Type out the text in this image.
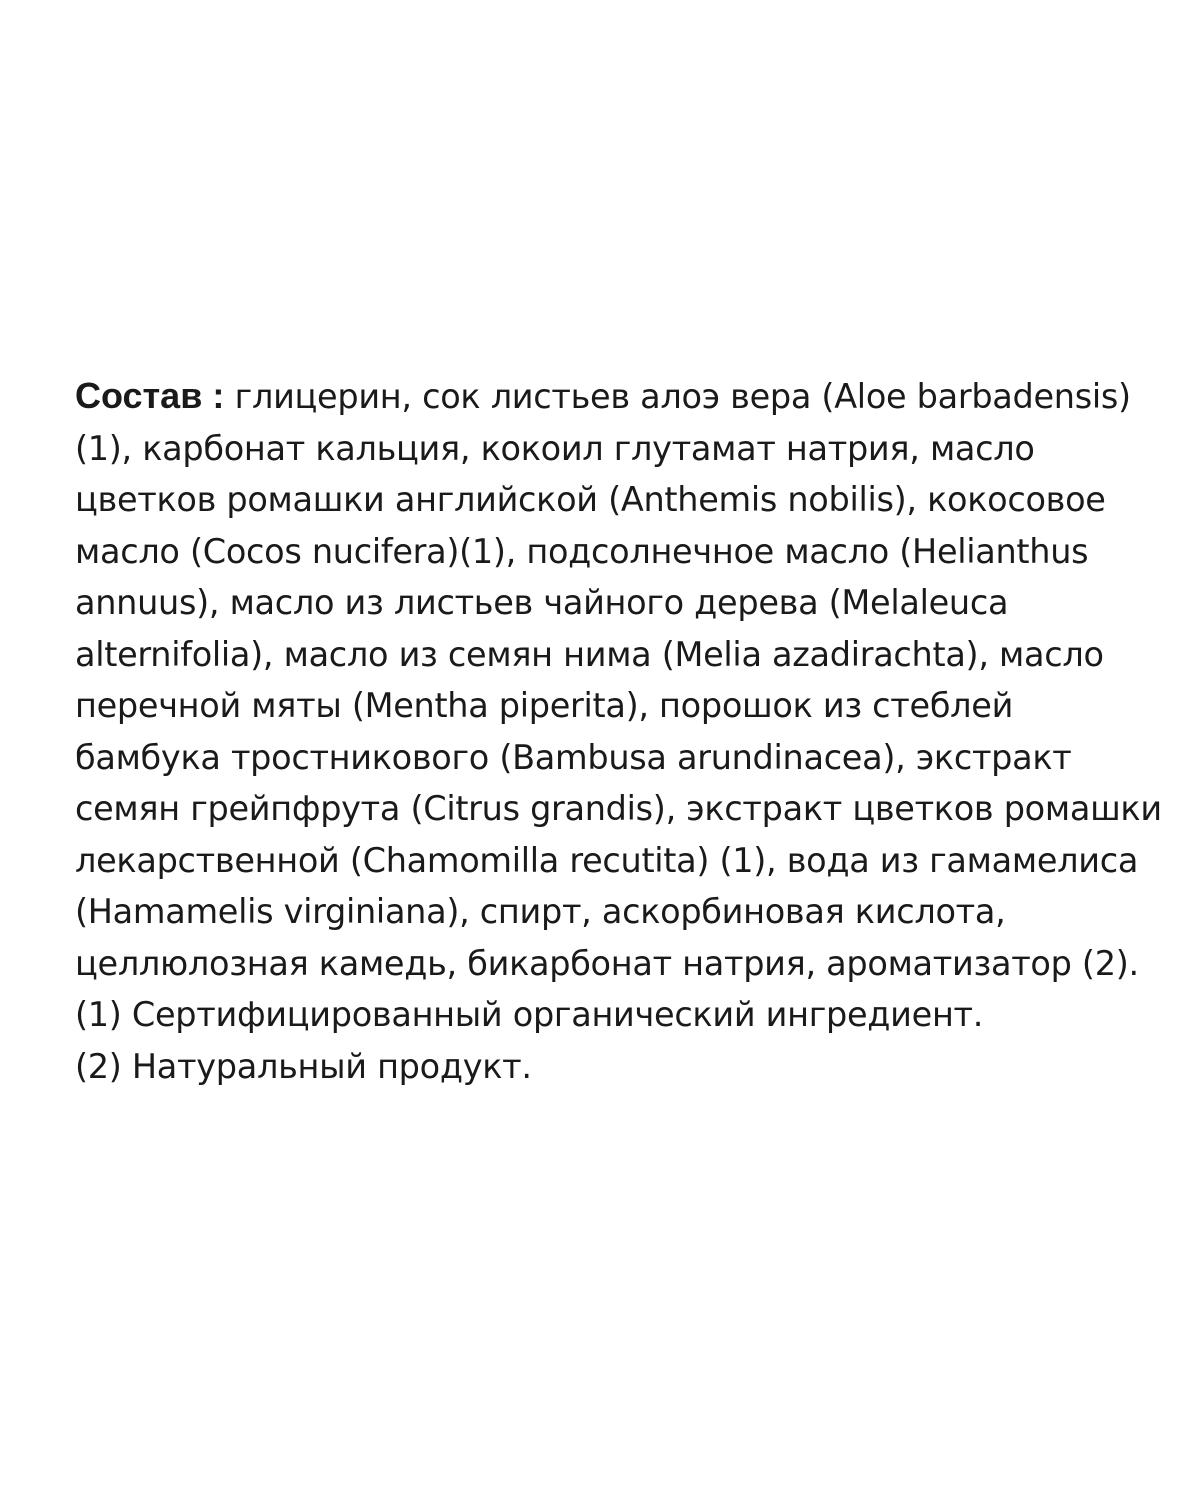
Состав : глицерин, сок листьев алоэ вера (Aloe barbadensis)(1), карбонат кальция, кокоил глутамат натрия, масло цветков ромашки английской (Anthemis nobilis), кокосовое масло (Cocos nucifera)(1), подсолнечное масло (Helianthus annuus), масло из листьев чайного дерева (Melaleuca alternifolia), масло из семян нима (Melia azadirachta), масло перечной мяты (Mentha piperita), порошок из стеблей бамбука тростникового (Bambusa arundinacea), экстракт семян грейпфрута (Citrus grandis), экстракт цветков ромашки лекарственной (Chamomilla recutita) (1), вода из гамамелиса (Hamamelis virginiana), спирт, аскорбиновая кислота, целлюлозная камедь, бикарбонат натрия, ароматизатор (2).
(1) Сертифицированный органический ингредиент.
(2) Натуральный продукт.
